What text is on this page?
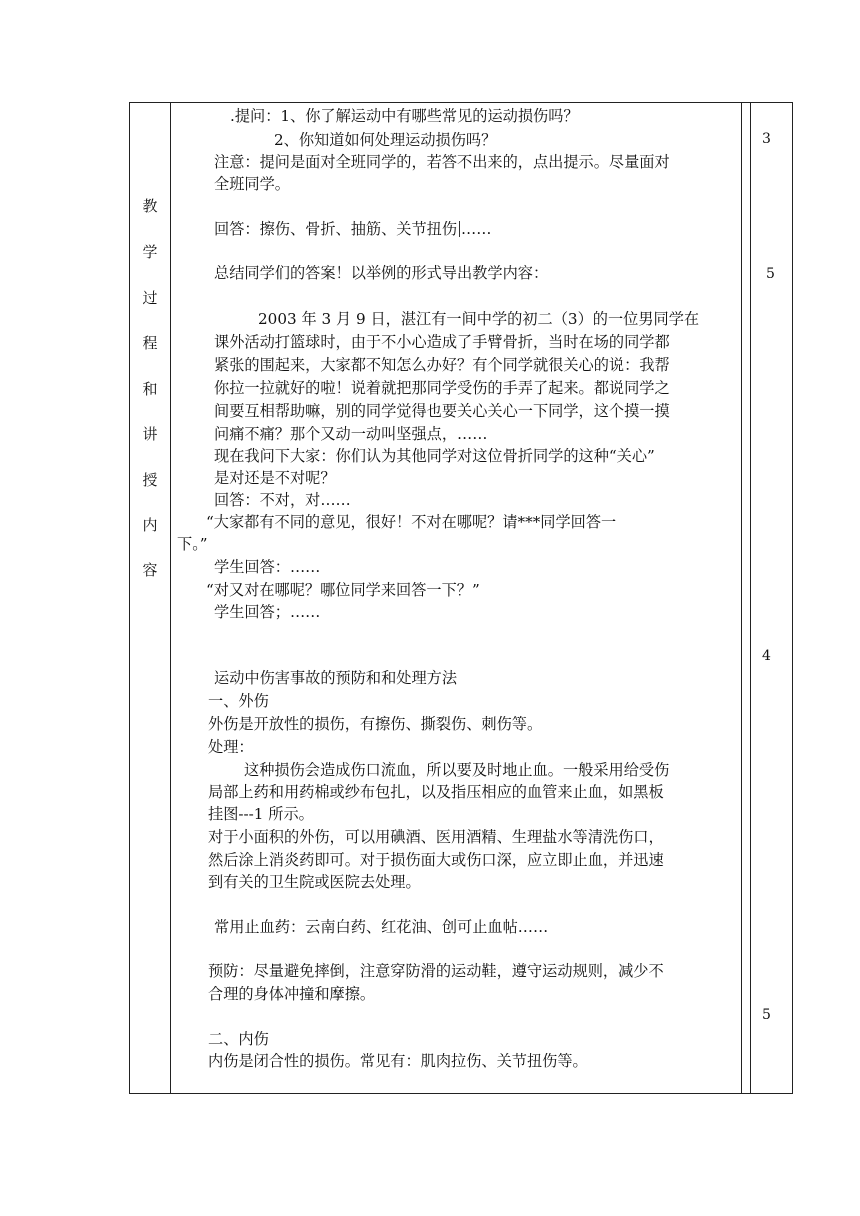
教
学
过
程
和
讲
授
内
容
.提问：1、你了解运动中有哪些常见的运动损伤吗？
2、你知道如何处理运动损伤吗？
注意：提问是面对全班同学的，若答不出来的，点出提示。尽量面对
全班同学。
回答：擦伤、骨折、抽筋、关节扭伤 ……
总结同学们的答案！以举例的形式导出教学内容：
2003 年 3 月 9 日，湛江有一间中学的初二（3）的一位男同学在
课外活动打篮球时，由于不小心造成了手臂骨折，当时在场的同学都
紧张的围起来，大家都不知怎么办好？有个同学就很关心的说：我帮
你拉一拉就好的啦！说着就把那同学受伤的手弄了起来。都说同学之
间要互相帮助嘛，别的同学觉得也要关心关心一下同学，这个摸一摸
问痛不痛？那个又动一动叫坚强点，……
现在我问下大家：你们认为其他同学对这位骨折同学的这种“关心”
是对还是不对呢？
回答：不对，对……
“大家都有不同的意见，很好！不对在哪呢？请***同学回答一
下。”
学生回答：……
“对又对在哪呢？哪位同学来回答一下？”
学生回答；……
运动中伤害事故的预防和和处理方法
一、外伤
外伤是开放性的损伤，有擦伤、撕裂伤、刺伤等。
处理：
这种损伤会造成伤口流血，所以要及时地止血。一般采用给受伤
局部上药和用药棉或纱布包扎，以及指压相应的血管来止血，如黑板
挂图---1 所示。
对于小面积的外伤，可以用碘酒、医用酒精、生理盐水等清洗伤口，
然后涂上消炎药即可。对于损伤面大或伤口深，应立即止血，并迅速
到有关的卫生院或医院去处理。
常用止血药：云南白药、红花油、创可止血帖……
预防：尽量避免摔倒，注意穿防滑的运动鞋，遵守运动规则，减少不
合理的身体冲撞和摩擦。
二、内伤
内伤是闭合性的损伤。常见有：肌肉拉伤、关节扭伤等。
3
5
4
5
